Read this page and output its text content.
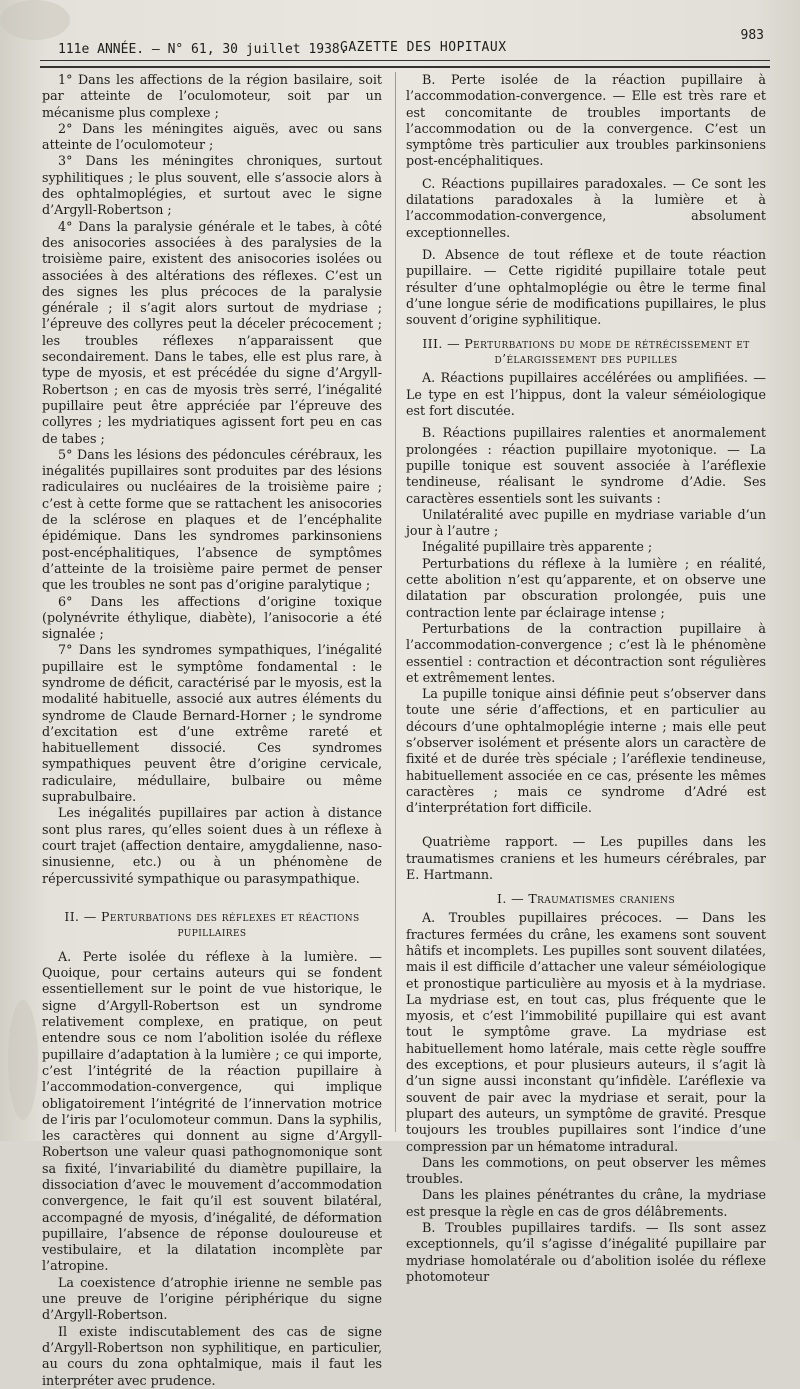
111e ANNÉE. — N° 61, 30 juillet 1938.
GAZETTE DES HOPITAUX
983

1° Dans les affections de la région basilaire, soit par atteinte de l’oculomoteur, soit par un mécanisme plus complexe ;

2° Dans les méningites aiguës, avec ou sans atteinte de l’oculomoteur ;

3° Dans les méningites chroniques, surtout syphilitiques ; le plus souvent, elle s’associe alors à des ophtalmoplégies, et surtout avec le signe d’Argyll-Robertson ;

4° Dans la paralysie générale et le tabes, à côté des anisocories associées à des paralysies de la troisième paire, existent des anisocories isolées ou associées à des altérations des réflexes. C’est un des signes les plus précoces de la paralysie générale ; il s’agit alors surtout de mydriase ; l’épreuve des collyres peut la déceler précocement ; les troubles réflexes n’apparaissent que secondairement. Dans le tabes, elle est plus rare, à type de myosis, et est précédée du signe d’Argyll-Robertson ; en cas de myosis très serré, l’inégalité pupillaire peut être appréciée par l’épreuve des collyres ; les mydriatiques agissent fort peu en cas de tabes ;

5° Dans les lésions des pédoncules cérébraux, les inégalités pupillaires sont produites par des lésions radiculaires ou nucléaires de la troisième paire ; c’est à cette forme que se rattachent les anisocories de la sclérose en plaques et de l’encéphalite épidémique. Dans les syndromes parkinsoniens post-encéphalitiques, l’absence de symptômes d’atteinte de la troisième paire permet de penser que les troubles ne sont pas d’origine paralytique ;

6° Dans les affections d’origine toxique (polynévrite éthylique, diabète), l’anisocorie a été signalée ;

7° Dans les syndromes sympathiques, l’inégalité pupillaire est le symptôme fondamental : le syndrome de déficit, caractérisé par le myosis, est la modalité habituelle, associé aux autres éléments du syndrome de Claude Bernard-Horner ; le syndrome d’excitation est d’une extrême rareté et habituellement dissocié. Ces syndromes sympathiques peuvent être d’origine cervicale, radiculaire, médullaire, bulbaire ou même suprabulbaire.

Les inégalités pupillaires par action à distance sont plus rares, qu’elles soient dues à un réflexe à court trajet (affection dentaire, amygdalienne, naso-sinusienne, etc.) ou à un phénomène de répercussivité sympathique ou parasympathique.

II. — Perturbations des réflexes et réactions pupillaires

A. Perte isolée du réflexe à la lumière. — Quoique, pour certains auteurs qui se fondent essentiellement sur le point de vue historique, le signe d’Argyll-Robertson est un syndrome relativement complexe, en pratique, on peut entendre sous ce nom l’abolition isolée du réflexe pupillaire d’adaptation à la lumière ; ce qui importe, c’est l’intégrité de la réaction pupillaire à l’accommodation-convergence, qui implique obligatoirement l’intégrité de l’innervation motrice de l’iris par l’oculomoteur commun. Dans la syphilis, les caractères qui donnent au signe d’Argyll-Robertson une valeur quasi pathognomonique sont sa fixité, l’invariabilité du diamètre pupillaire, la dissociation d’avec le mouvement d’accommodation convergence, le fait qu’il est souvent bilatéral, accompagné de myosis, d’inégalité, de déformation pupillaire, l’absence de réponse douloureuse et vestibulaire, et la dilatation incomplète par l’atropine.

La coexistence d’atrophie irienne ne semble pas une preuve de l’origine périphérique du signe d’Argyll-Robertson.

Il existe indiscutablement des cas de signe d’Argyll-Robertson non syphilitique, en particulier, au cours du zona ophtalmique, mais il faut les interpréter avec prudence.

B. Perte isolée de la réaction pupillaire à l’accommodation-convergence. — Elle est très rare et est concomitante de troubles importants de l’accommodation ou de la convergence. C’est un symptôme très particulier aux troubles parkinsoniens post-encéphalitiques.

C. Réactions pupillaires paradoxales. — Ce sont les dilatations paradoxales à la lumière et à l’accommodation-convergence, absolument exceptionnelles.

D. Absence de tout réflexe et de toute réaction pupillaire. — Cette rigidité pupillaire totale peut résulter d’une ophtalmoplégie ou être le terme final d’une longue série de modifications pupillaires, le plus souvent d’origine syphilitique.

III. — Perturbations du mode de rétrécissement et d’élargissement des pupilles

A. Réactions pupillaires accélérées ou amplifiées. — Le type en est l’hippus, dont la valeur séméiologique est fort discutée.

B. Réactions pupillaires ralenties et anormalement prolongées : réaction pupillaire myotonique. — La pupille tonique est souvent associée à l’aréflexie tendineuse, réalisant le syndrome d’Adie. Ses caractères essentiels sont les suivants :

Unilatéralité avec pupille en mydriase variable d’un jour à l’autre ;

Inégalité pupillaire très apparente ;

Perturbations du réflexe à la lumière ; en réalité, cette abolition n’est qu’apparente, et on observe une dilatation par obscuration prolongée, puis une contraction lente par éclairage intense ;

Perturbations de la contraction pupillaire à l’accommodation-convergence ; c’est là le phénomène essentiel : contraction et décontraction sont régulières et extrêmement lentes.

La pupille tonique ainsi définie peut s’observer dans toute une série d’affections, et en particulier au décours d’une ophtalmoplégie interne ; mais elle peut s’observer isolément et présente alors un caractère de fixité et de durée très spéciale ; l’aréflexie tendineuse, habituellement associée en ce cas, présente les mêmes caractères ; mais ce syndrome d’Adré est d’interprétation fort difficile.

Quatrième rapport. — Les pupilles dans les traumatismes craniens et les humeurs cérébrales, par E. Hartmann.

I. — Traumatismes craniens

A. Troubles pupillaires précoces. — Dans les fractures fermées du crâne, les examens sont souvent hâtifs et incomplets. Les pupilles sont souvent dilatées, mais il est difficile d’attacher une valeur séméiologique et pronostique particulière au myosis et à la mydriase. La mydriase est, en tout cas, plus fréquente que le myosis, et c’est l’immobilité pupillaire qui est avant tout le symptôme grave. La mydriase est habituellement homo latérale, mais cette règle souffre des exceptions, et pour plusieurs auteurs, il s’agit là d’un signe aussi inconstant qu’infidèle. L’aréflexie va souvent de pair avec la mydriase et serait, pour la plupart des auteurs, un symptôme de gravité. Presque toujours les troubles pupillaires sont l’indice d’une compression par un hématome intradural.

Dans les commotions, on peut observer les mêmes troubles.

Dans les plaines pénétrantes du crâne, la mydriase est presque la règle en cas de gros délâbrements.

B. Troubles pupillaires tardifs. — Ils sont assez exceptionnels, qu’il s’agisse d’inégalité pupillaire par mydriase homolatérale ou d’abolition isolée du réflexe photomoteur
